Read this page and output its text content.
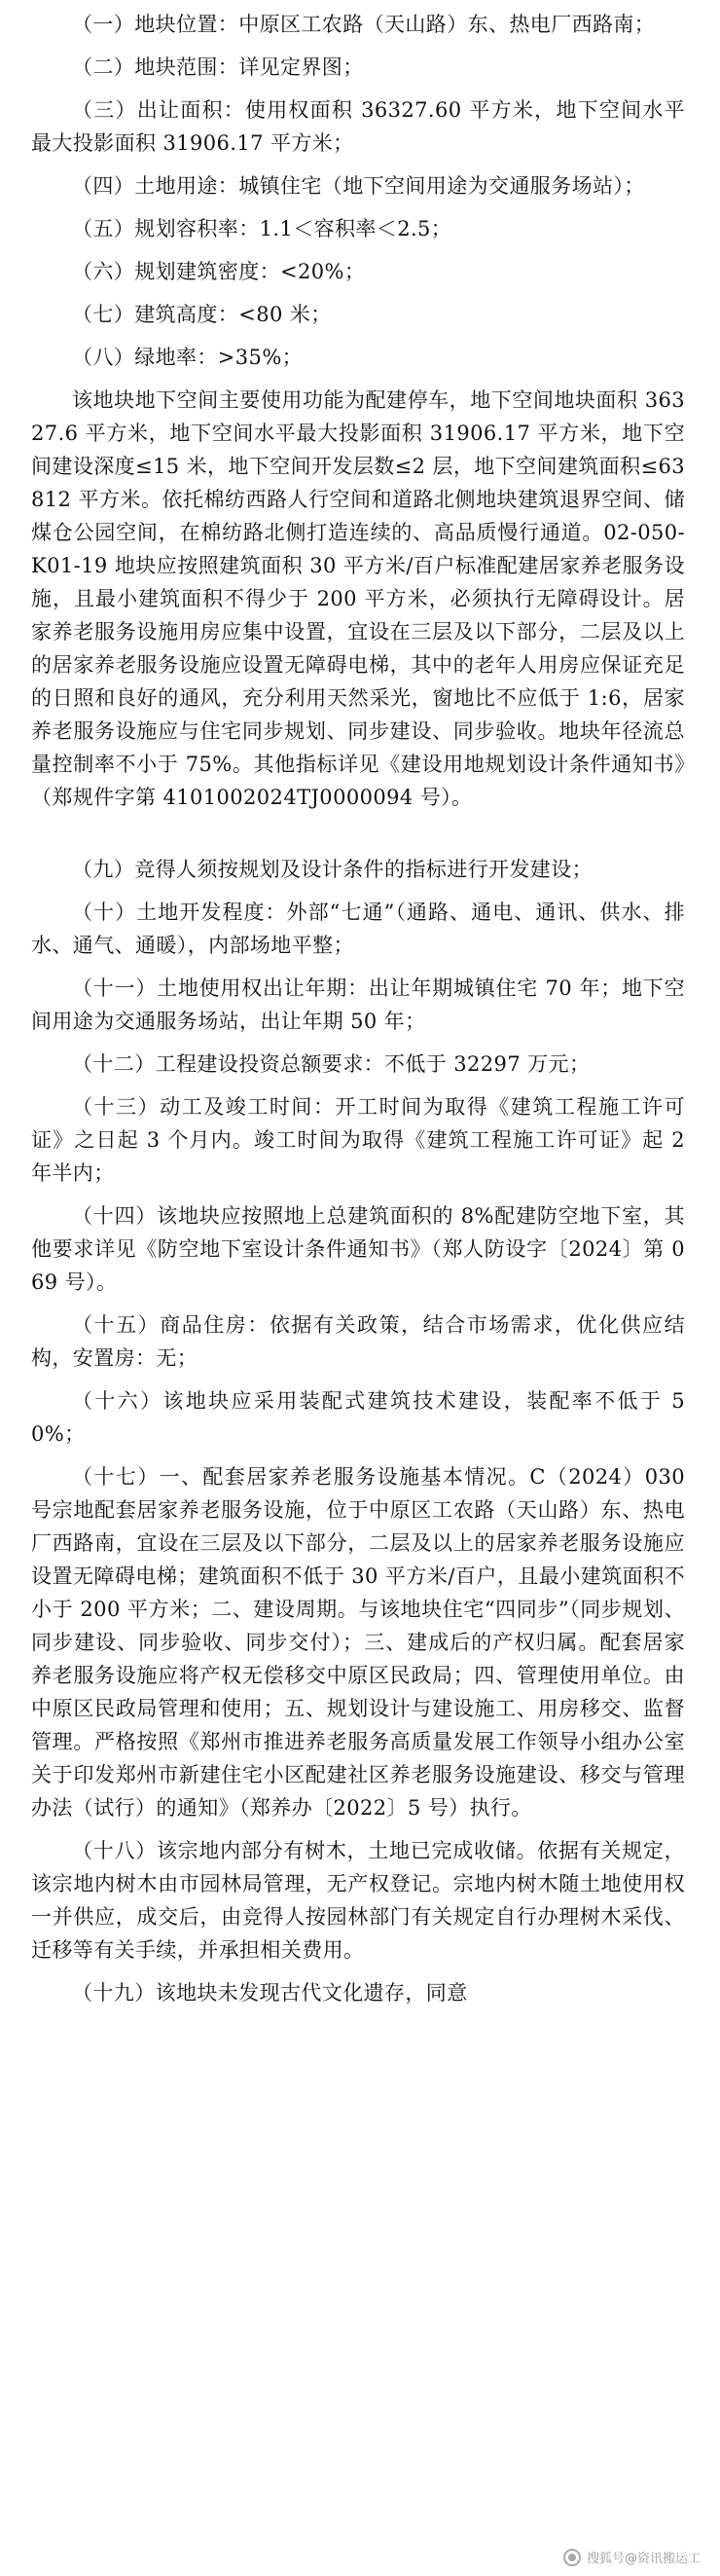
（一）地块位置：中原区工农路（天山路）东、热电厂西路南；

（二）地块范围：详见定界图；

（三）出让面积：使用权面积 36327.60 平方米，地下空间水平最大投影面积 31906.17 平方米；

（四）土地用途：城镇住宅（地下空间用途为交通服务场站）；

（五）规划容积率：1.1＜容积率＜2.5；

（六）规划建筑密度：<20%；

（七）建筑高度：<80 米；

（八）绿地率：>35%；

该地块地下空间主要使用功能为配建停车，地下空间地块面积 36327.6 平方米，地下空间水平最大投影面积 31906.17 平方米，地下空间建设深度≤15 米，地下空间开发层数≤2 层，地下空间建筑面积≤63812 平方米。依托棉纺西路人行空间和道路北侧地块建筑退界空间、储煤仓公园空间，在棉纺路北侧打造连续的、高品质慢行通道。02-050-K01-19 地块应按照建筑面积 30 平方米/百户标准配建居家养老服务设施，且最小建筑面积不得少于 200 平方米，必须执行无障碍设计。居家养老服务设施用房应集中设置，宜设在三层及以下部分，二层及以上的居家养老服务设施应设置无障碍电梯，其中的老年人用房应保证充足的日照和良好的通风，充分利用天然采光，窗地比不应低于 1:6，居家养老服务设施应与住宅同步规划、同步建设、同步验收。地块年径流总量控制率不小于 75%。其他指标详见《建设用地规划设计条件通知书》（郑规件字第 4101002024TJ0000094 号）。

（九）竞得人须按规划及设计条件的指标进行开发建设；

（十）土地开发程度：外部“七通”（通路、通电、通讯、供水、排水、通气、通暖），内部场地平整；

（十一）土地使用权出让年期：出让年期城镇住宅 70 年；地下空间用途为交通服务场站，出让年期 50 年；

（十二）工程建设投资总额要求：不低于 32297 万元；

（十三）动工及竣工时间：开工时间为取得《建筑工程施工许可证》之日起 3 个月内。竣工时间为取得《建筑工程施工许可证》起 2 年半内；

（十四）该地块应按照地上总建筑面积的 8%配建防空地下室，其他要求详见《防空地下室设计条件通知书》（郑人防设字〔2024〕第 069 号）。

（十五）商品住房：依据有关政策，结合市场需求，优化供应结构，安置房：无；

（十六）该地块应采用装配式建筑技术建设，装配率不低于 50%；

（十七）一、配套居家养老服务设施基本情况。C（2024）030 号宗地配套居家养老服务设施，位于中原区工农路（天山路）东、热电厂西路南，宜设在三层及以下部分，二层及以上的居家养老服务设施应设置无障碍电梯；建筑面积不低于 30 平方米/百户，且最小建筑面积不小于 200 平方米；二、建设周期。与该地块住宅“四同步”（同步规划、同步建设、同步验收、同步交付）；三、建成后的产权归属。配套居家养老服务设施应将产权无偿移交中原区民政局；四、管理使用单位。由中原区民政局管理和使用；五、规划设计与建设施工、用房移交、监督管理。严格按照《郑州市推进养老服务高质量发展工作领导小组办公室关于印发郑州市新建住宅小区配建社区养老服务设施建设、移交与管理办法（试行）的通知》（郑养办〔2022〕5 号）执行。

（十八）该宗地内部分有树木，土地已完成收储。依据有关规定，该宗地内树木由市园林局管理，无产权登记。宗地内树木随土地使用权一并供应，成交后，由竞得人按园林部门有关规定自行办理树木采伐、迁移等有关手续，并承担相关费用。

（十九）该地块未发现古代文化遗存，同意

搜狐号@资讯搬运工
